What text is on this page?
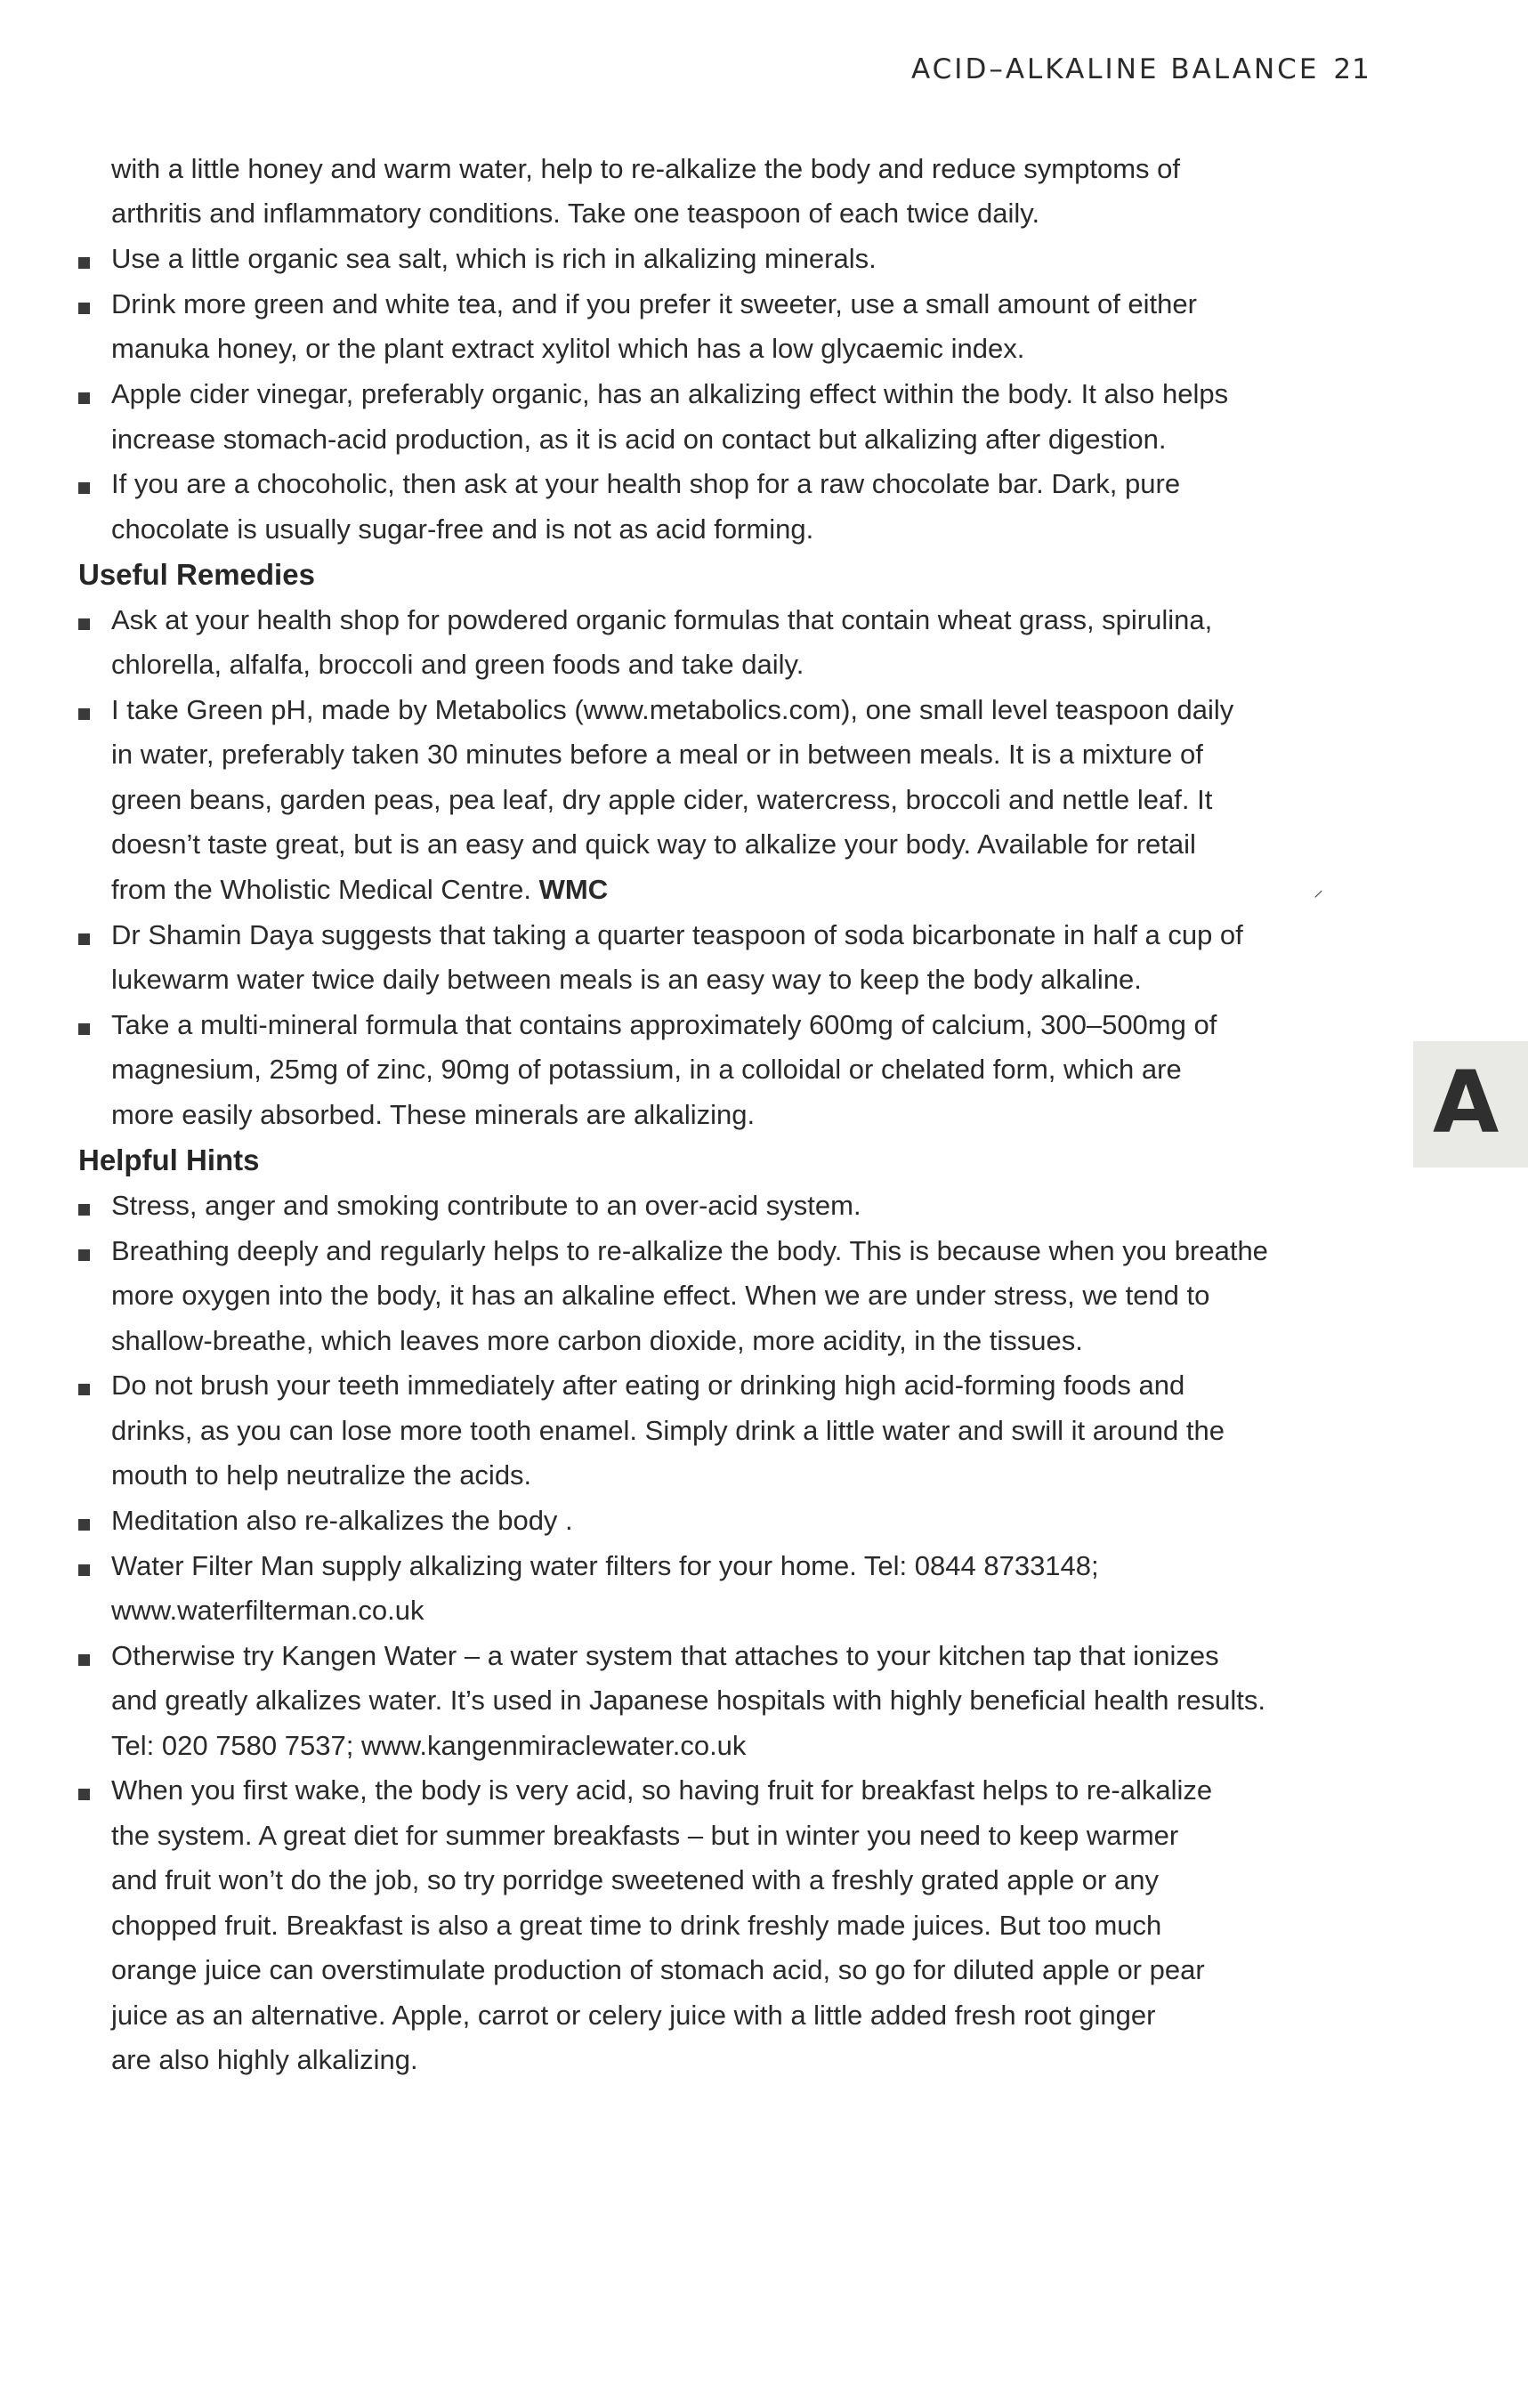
ACID–ALKALINE BALANCE 21
A
with a little honey and warm water, help to re-alkalize the body and reduce symptoms of
arthritis and inflammatory conditions. Take one teaspoon of each twice daily.
Use a little organic sea salt, which is rich in alkalizing minerals.
Drink more green and white tea, and if you prefer it sweeter, use a small amount of either
manuka honey, or the plant extract xylitol which has a low glycaemic index.
Apple cider vinegar, preferably organic, has an alkalizing effect within the body. It also helps
increase stomach-acid production, as it is acid on contact but alkalizing after digestion.
If you are a chocoholic, then ask at your health shop for a raw chocolate bar. Dark, pure
chocolate is usually sugar-free and is not as acid forming.
Useful Remedies
Ask at your health shop for powdered organic formulas that contain wheat grass, spirulina,
chlorella, alfalfa, broccoli and green foods and take daily.
I take Green pH, made by Metabolics (www.metabolics.com), one small level teaspoon daily
in water, preferably taken 30 minutes before a meal or in between meals. It is a mixture of
green beans, garden peas, pea leaf, dry apple cider, watercress, broccoli and nettle leaf. It
doesn’t taste great, but is an easy and quick way to alkalize your body. Available for retail
from the Wholistic Medical Centre. WMC	⸝
Dr Shamin Daya suggests that taking a quarter teaspoon of soda bicarbonate in half a cup of
lukewarm water twice daily between meals is an easy way to keep the body alkaline.
Take a multi-mineral formula that contains approximately 600mg of calcium, 300–500mg of
magnesium, 25mg of zinc, 90mg of potassium, in a colloidal or chelated form, which are
more easily absorbed. These minerals are alkalizing.
Helpful Hints
Stress, anger and smoking contribute to an over-acid system.
Breathing deeply and regularly helps to re-alkalize the body. This is because when you breathe
more oxygen into the body, it has an alkaline effect. When we are under stress, we tend to
shallow-breathe, which leaves more carbon dioxide, more acidity, in the tissues.
Do not brush your teeth immediately after eating or drinking high acid-forming foods and
drinks, as you can lose more tooth enamel. Simply drink a little water and swill it around the
mouth to help neutralize the acids.
Meditation also re-alkalizes the body .
Water Filter Man supply alkalizing water filters for your home. Tel: 0844 8733148;
www.waterfilterman.co.uk
Otherwise try Kangen Water – a water system that attaches to your kitchen tap that ionizes
and greatly alkalizes water. It’s used in Japanese hospitals with highly beneficial health results.
Tel: 020 7580 7537; www.kangenmiraclewater.co.uk
When you first wake, the body is very acid, so having fruit for breakfast helps to re-alkalize
the system. A great diet for summer breakfasts – but in winter you need to keep warmer
and fruit won’t do the job, so try porridge sweetened with a freshly grated apple or any
chopped fruit. Breakfast is also a great time to drink freshly made juices. But too much
orange juice can overstimulate production of stomach acid, so go for diluted apple or pear
juice as an alternative. Apple, carrot or celery juice with a little added fresh root ginger
are also highly alkalizing.
